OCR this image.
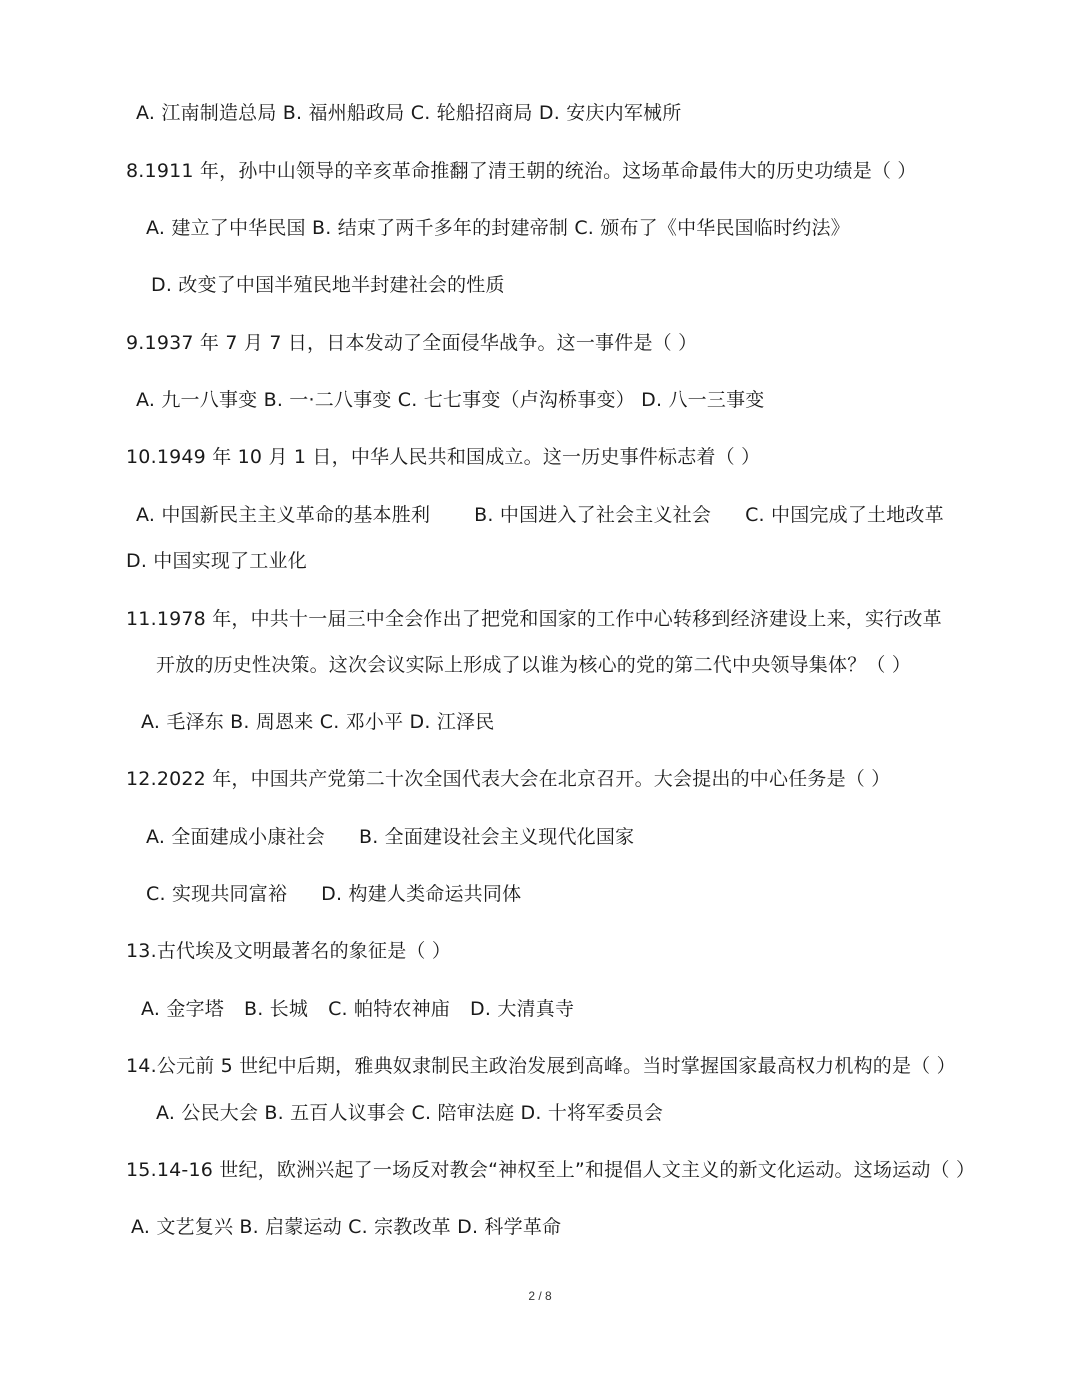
A. 江南制造总局 B. 福州船政局 C. 轮船招商局 D. 安庆内军械所
8.1911 年，孙中山领导的辛亥革命推翻了清王朝的统治。这场革命最伟大的历史功绩是（ ）
A. 建立了中华民国 B. 结束了两千多年的封建帝制 C. 颁布了《中华民国临时约法》
D. 改变了中国半殖民地半封建社会的性质
9.1937 年 7 月 7 日，日本发动了全面侵华战争。这一事件是（ ）
A. 九一八事变 B. 一·二八事变 C. 七七事变（卢沟桥事变） D. 八一三事变
10.1949 年 10 月 1 日，中华人民共和国成立。这一历史事件标志着（ ）
A. 中国新民主主义革命的基本胜利 B. 中国进入了社会主义社会 C. 中国完成了土地改革
D. 中国实现了工业化
11.1978 年，中共十一届三中全会作出了把党和国家的工作中心转移到经济建设上来，实行改革
开放的历史性决策。这次会议实际上形成了以谁为核心的党的第二代中央领导集体？（ ）
A. 毛泽东 B. 周恩来 C. 邓小平 D. 江泽民
12.2022 年，中国共产党第二十次全国代表大会在北京召开。大会提出的中心任务是（ ）
A. 全面建成小康社会 B. 全面建设社会主义现代化国家
C. 实现共同富裕 D. 构建人类命运共同体
13.古代埃及文明最著名的象征是（ ）
A. 金字塔 B. 长城 C. 帕特农神庙 D. 大清真寺
14.公元前 5 世纪中后期，雅典奴隶制民主政治发展到高峰。当时掌握国家最高权力机构的是（ ）
A. 公民大会 B. 五百人议事会 C. 陪审法庭 D. 十将军委员会
15.14-16 世纪，欧洲兴起了一场反对教会“神权至上”和提倡人文主义的新文化运动。这场运动（ ）
A. 文艺复兴 B. 启蒙运动 C. 宗教改革 D. 科学革命
2 / 8
